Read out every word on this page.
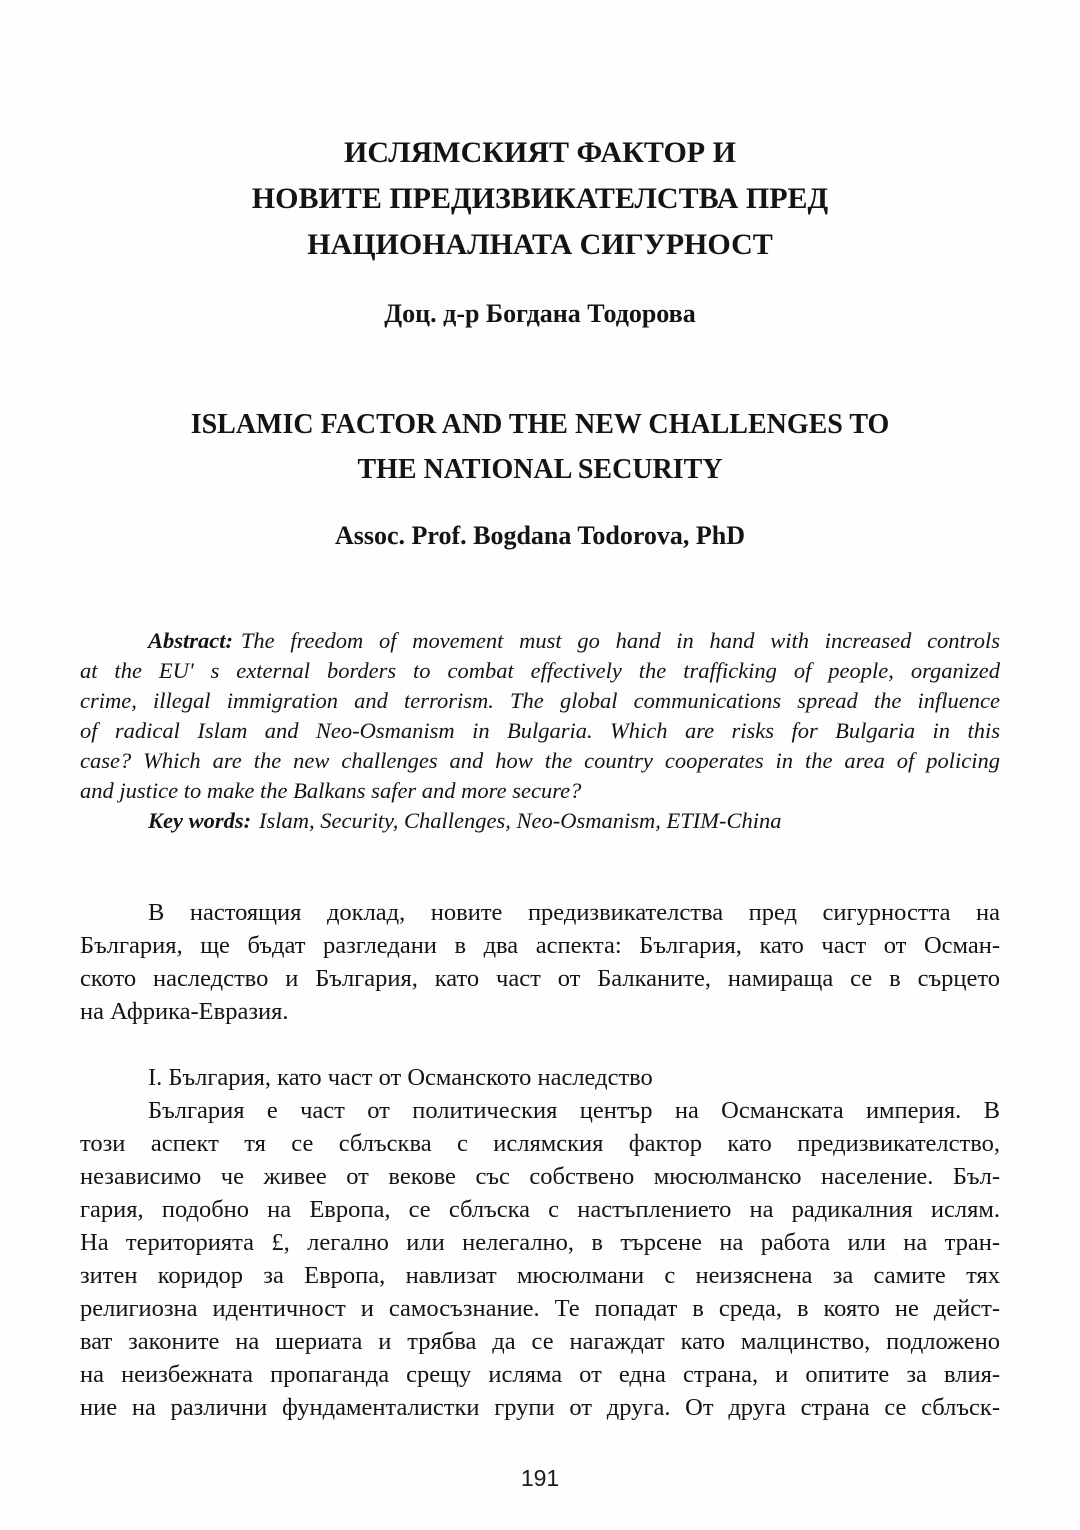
ИСЛЯМСКИЯТ ФАКТОР И
НОВИТЕ ПРЕДИЗВИКАТЕЛСТВА ПРЕД
НАЦИОНАЛНАТА СИГУРНОСТ
Доц. д-р Богдана Тодорова
ISLAMIC FACTOR AND THE NEW CHALLENGES TO
THE NATIONAL SECURITY
Assoc. Prof. Bogdana Todorova, PhD
Abstract: The freedom of movement must go hand in hand with increased controls
at the EU' s external borders to combat effectively the trafficking of people, organized
crime, illegal immigration and terrorism. The global communications spread the influence
of radical Islam and Neo-Osmanism in Bulgaria. Which are risks for Bulgaria in this
case? Which are the new challenges and how the country cooperates in the area of policing
and justice to make the Balkans safer and more secure?
Key words: Islam, Security, Challenges, Neo-Osmanism, ETIM-China
В настоящия доклад, новите предизвикателства пред сигурността на
България, ще бъдат разгледани в два аспекта: България, като част от Осман-
ското наследство и България, като част от Балканите, намираща се в сърцето
на Африка-Евразия.
I. България, като част от Османското наследство
България е част от политическия център на Османската империя. В
този аспект тя се сблъсква с ислямския фактор като предизвикателство,
независимо че живее от векове със собствено мюсюлманско население. Бъл-
гария, подобно на Европа, се сблъска с настъплението на радикалния ислям.
На територията £, легално или нелегално, в търсене на работа или на тран-
зитен коридор за Европа, навлизат мюсюлмани с неизяснена за самите тях
религиозна идентичност и самосъзнание. Те попадат в среда, в която не дейст-
ват законите на шериата и трябва да се нагаждат като малцинство, подложено
на неизбежната пропаганда срещу исляма от една страна, и опитите за влия-
ние на различни фундаменталистки групи от друга. От друга страна се сблъск-
191
